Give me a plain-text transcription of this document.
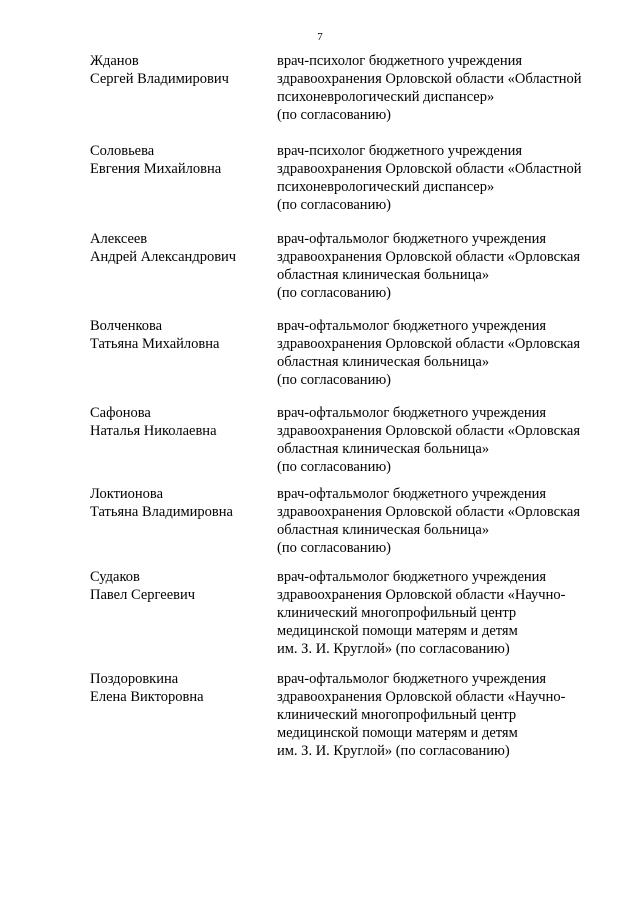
7
Жданов
Сергей Владимирович
врач-психолог бюджетного учреждения
здравоохранения Орловской области «Областной
психоневрологический диспансер»
(по согласованию)
Соловьева
Евгения Михайловна
врач-психолог бюджетного учреждения
здравоохранения Орловской области «Областной
психоневрологический диспансер»
(по согласованию)
Алексеев
Андрей Александрович
врач-офтальмолог бюджетного учреждения
здравоохранения Орловской области «Орловская
областная клиническая больница»
(по согласованию)
Волченкова
Татьяна Михайловна
врач-офтальмолог бюджетного учреждения
здравоохранения Орловской области «Орловская
областная клиническая больница»
(по согласованию)
Сафонова
Наталья Николаевна
врач-офтальмолог бюджетного учреждения
здравоохранения Орловской области «Орловская
областная клиническая больница»
(по согласованию)
Локтионова
Татьяна Владимировна
врач-офтальмолог бюджетного учреждения
здравоохранения Орловской области «Орловская
областная клиническая больница»
(по согласованию)
Судаков
Павел Сергеевич
врач-офтальмолог бюджетного учреждения
здравоохранения Орловской области «Научно-
клинический многопрофильный центр
медицинской помощи матерям и детям
им. З. И. Круглой» (по согласованию)
Поздоровкина
Елена Викторовна
врач-офтальмолог бюджетного учреждения
здравоохранения Орловской области «Научно-
клинический многопрофильный центр
медицинской помощи матерям и детям
им. З. И. Круглой» (по согласованию)
